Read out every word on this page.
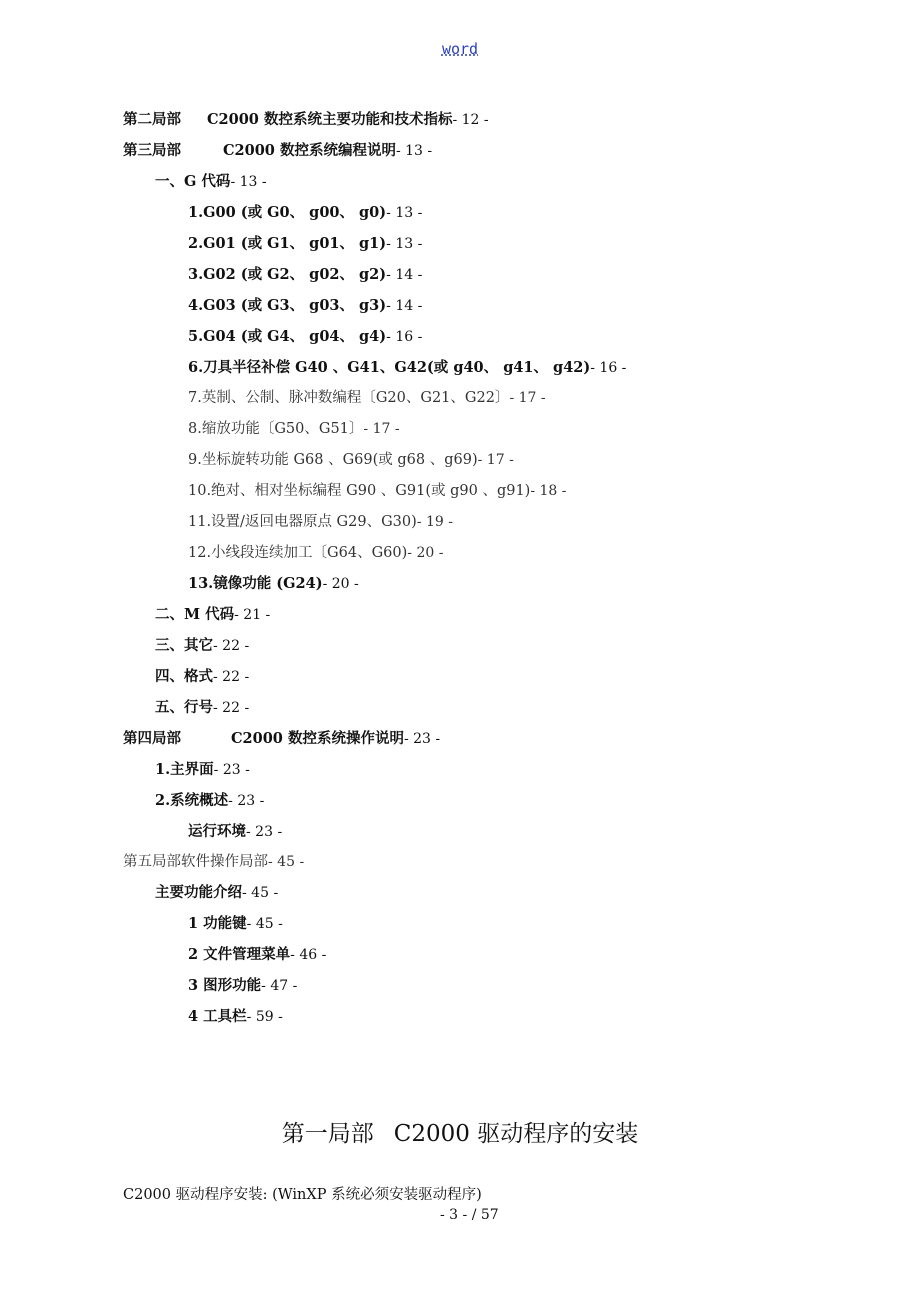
word
第二局部 C2000 数控系统主要功能和技术指标- 12 -
第三局部	C2000 数控系统编程说明- 13 -
一、G 代码- 13 -
1.G00 (或 G0、 g00、 g0)- 13 -
2.G01 (或 G1、 g01、 g1)- 13 -
3.G02 (或 G2、 g02、 g2)- 14 -
4.G03 (或 G3、 g03、 g3)- 14 -
5.G04 (或 G4、 g04、 g4)- 16 -
6.刀具半径补偿 G40 、G41、G42(或 g40、 g41、 g42)- 16 -
7.英制、公制、脉冲数编程〔G20、G21、G22〕- 17 -
8.缩放功能〔G50、G51〕- 17 -
9.坐标旋转功能 G68 、G69(或 g68 、g69)- 17 -
10.绝对、相对坐标编程 G90 、G91(或 g90 、g91)- 18 -
11.设置/返回电器原点 G29、G30)- 19 -
12.小线段连续加工〔G64、G60)- 20 -
13.镜像功能 (G24)- 20 -
二、M 代码- 21 -
三、其它- 22 -
四、格式- 22 -
五、行号- 22 -
第四局部	C2000 数控系统操作说明- 23 -
1.主界面- 23 -
2.系统概述- 23 -
运行环境- 23 -
第五局部软件操作局部- 45 -
主要功能介绍- 45 -
1 功能键- 45 -
2 文件管理菜单- 46 -
3 图形功能- 47 -
4 工具栏- 59 -
第一局部 C2000 驱动程序的安装
C2000 驱动程序安装: (WinXP 系统必须安装驱动程序)
- 3 - / 57
